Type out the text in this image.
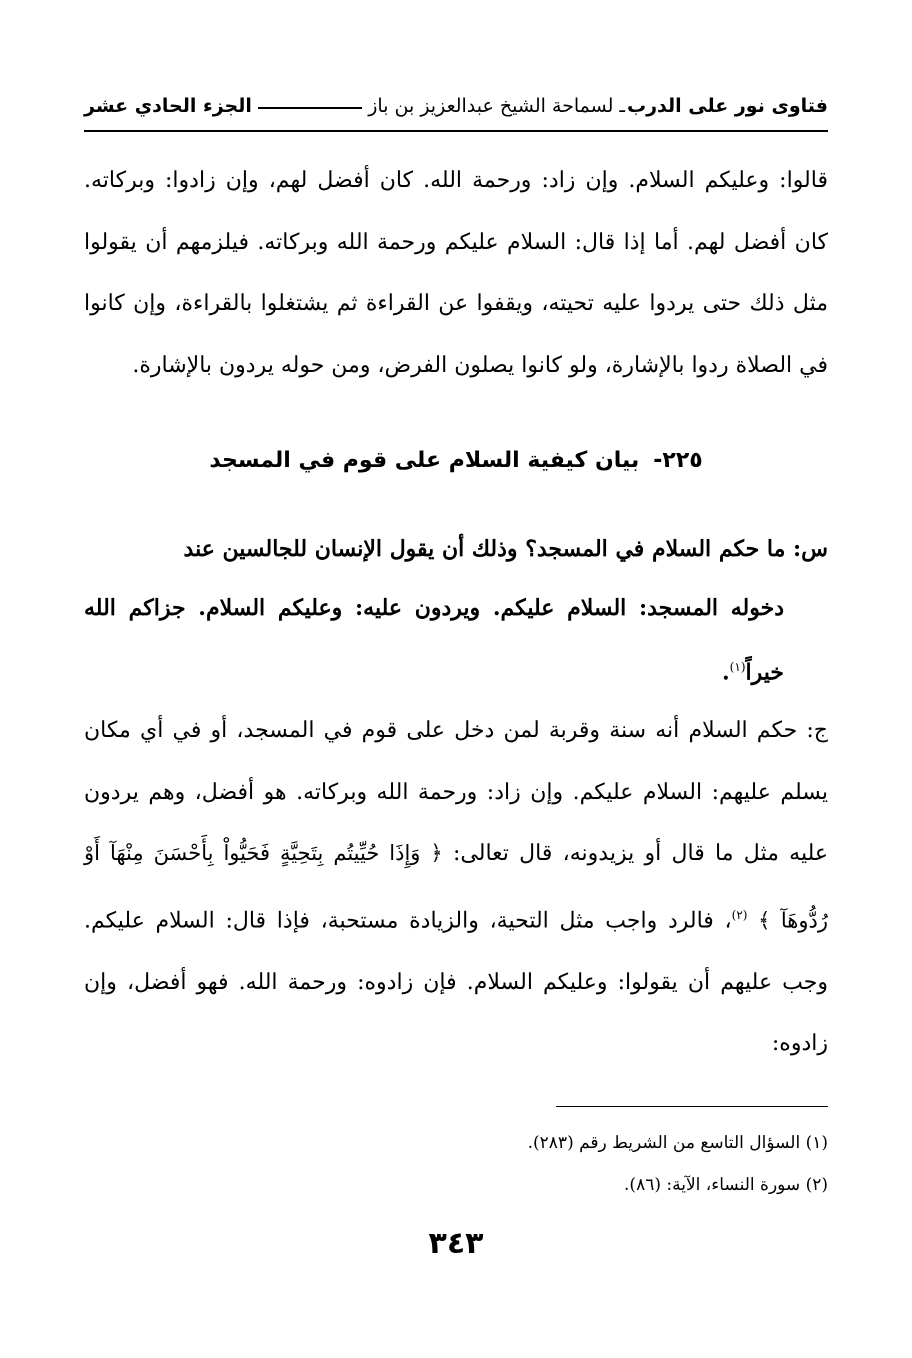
فتاوى نور على الدرب
ـ لسماحة الشيخ عبدالعزيز بن باز
الجزء الحادي عشر
قالوا: وعليكم السلام. وإن زاد: ورحمة الله. كان أفضل لهم، وإن زادوا: وبركاته. كان أفضل لهم. أما إذا قال: السلام عليكم ورحمة الله وبركاته. فيلزمهم أن يقولوا مثل ذلك حتى يردوا عليه تحيته، ويقفوا عن القراءة ثم يشتغلوا بالقراءة، وإن كانوا في الصلاة ردوا بالإشارة، ولو كانوا يصلون الفرض، ومن حوله يردون بالإشارة.
٢٢٥-
بيان كيفية السلام على قوم في المسجد
س: ما حكم السلام في المسجد؟ وذلك أن يقول الإنسان للجالسين عند
دخوله المسجد: السلام عليكم. ويردون عليه: وعليكم السلام. جزاكم الله خيراً$^{(١)}$.
ج: حكم السلام أنه سنة وقربة لمن دخل على قوم في المسجد، أو في أي مكان يسلم عليهم: السلام عليكم. وإن زاد: ورحمة الله وبركاته. هو أفضل، وهم يردون عليه مثل ما قال أو يزيدونه، قال تعالى: ﴿ وَإِذَا حُيِّيتُم بِتَحِيَّةٍ فَحَيُّواْ بِأَحْسَنَ مِنْهَآ أَوْ رُدُّوهَآ ﴾ $^{(٢)}$، فالرد واجب مثل التحية، والزيادة مستحبة، فإذا قال: السلام عليكم. وجب عليهم أن يقولوا: وعليكم السلام. فإن زادوه: ورحمة الله. فهو أفضل، وإن زادوه:
(١) السؤال التاسع من الشريط رقم (٢٨٣).
(٢) سورة النساء، الآية: (٨٦).
٣٤٣
